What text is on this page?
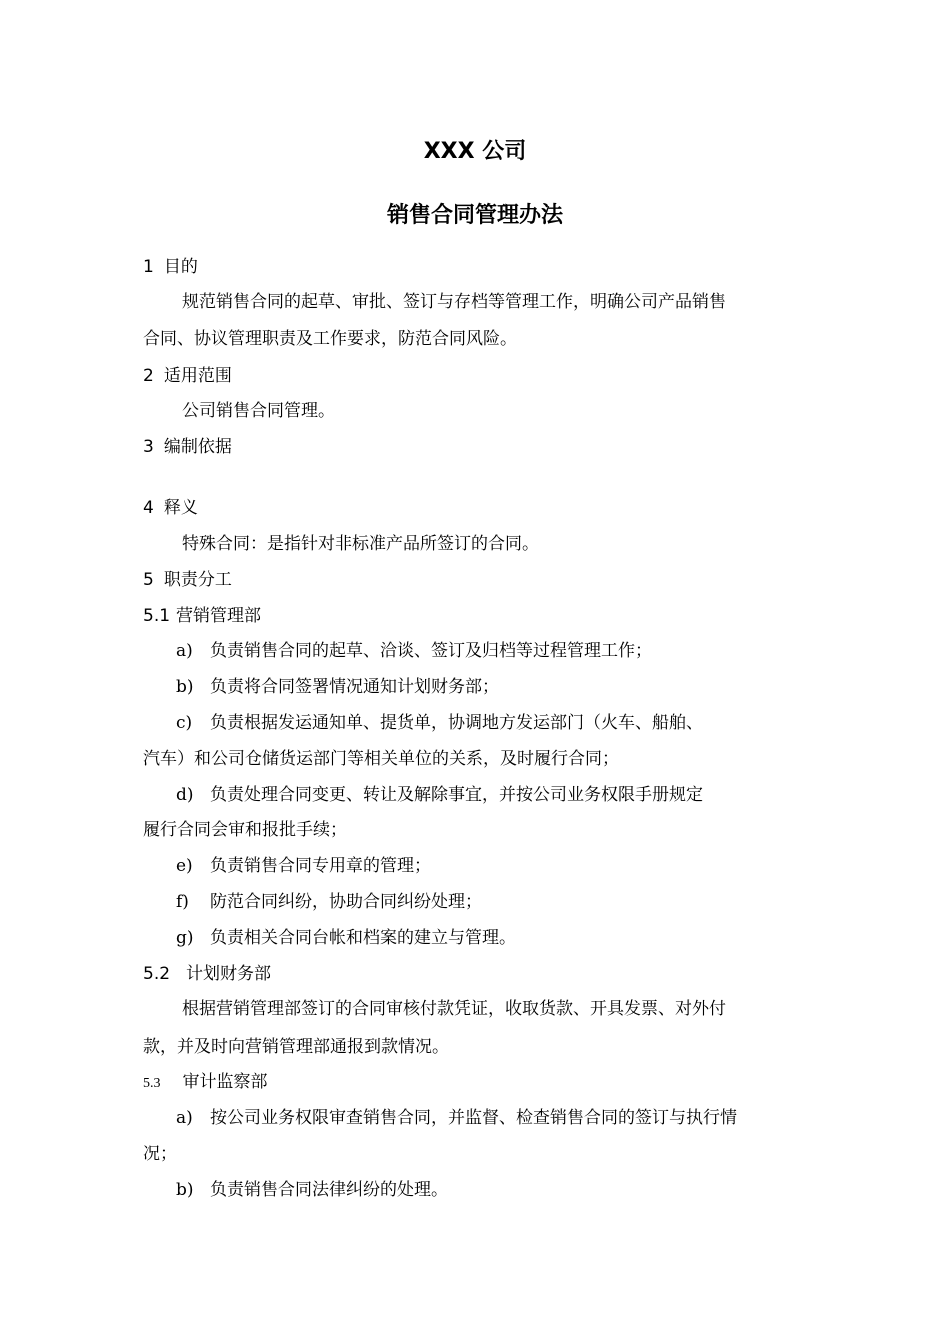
XXX 公司
销售合同管理办法
1 目的
规范销售合同的起草、审批、签订与存档等管理工作，明确公司产品销售
合同、协议管理职责及工作要求，防范合同风险。
2 适用范围
公司销售合同管理。
3 编制依据
4 释义
特殊合同：是指针对非标准产品所签订的合同。
5 职责分工
5.1 营销管理部
a) 负责销售合同的起草、洽谈、签订及归档等过程管理工作；
b) 负责将合同签署情况通知计划财务部；
c) 负责根据发运通知单、提货单，协调地方发运部门（火车、船舶、
汽车）和公司仓储货运部门等相关单位的关系，及时履行合同；
d) 负责处理合同变更、转让及解除事宜，并按公司业务权限手册规定
履行合同会审和报批手续；
e) 负责销售合同专用章的管理；
f) 防范合同纠纷，协助合同纠纷处理；
g) 负责相关合同台帐和档案的建立与管理。
5.2 计划财务部
根据营销管理部签订的合同审核付款凭证，收取货款、开具发票、对外付
款，并及时向营销管理部通报到款情况。
5.3 审计监察部
a) 按公司业务权限审查销售合同，并监督、检查销售合同的签订与执行情
况；
b) 负责销售合同法律纠纷的处理。
